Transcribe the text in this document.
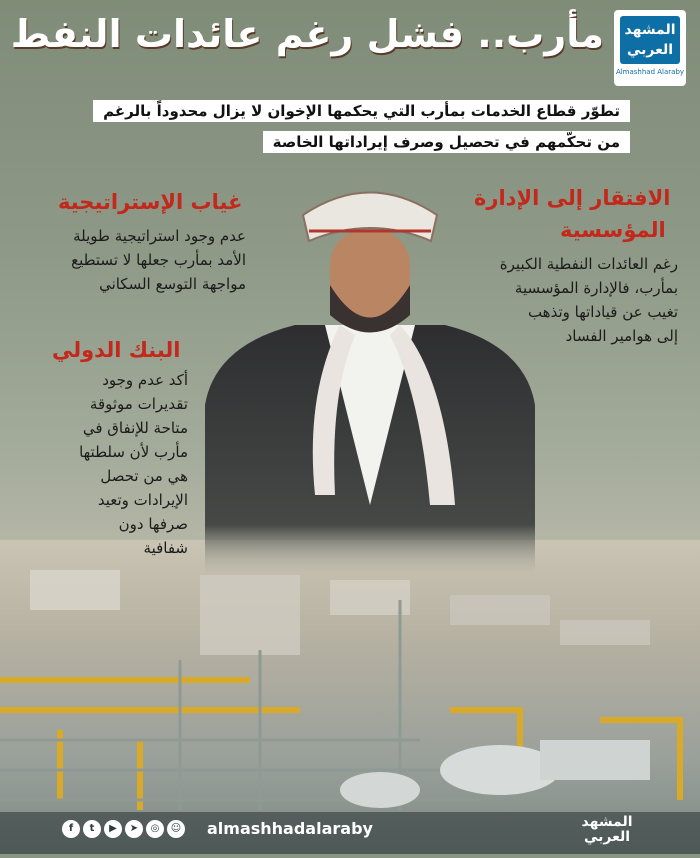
المشهد العربي
Almashhad Alaraby
مأرب.. فشل رغم عائدات النفط
تطوّر قطاع الخدمات بمأرب التي يحكمها الإخوان لا يزال محدوداً بالرغم
من تحكّمهم في تحصيل وصرف إيراداتها الخاصة
غياب الإستراتيجية
عدم وجود استراتيجية طويلة
الأمد بمأرب جعلها لا تستطيع
مواجهة التوسع السكاني
الافتقار إلى الإدارة
المؤسسية
رغم العائدات النفطية الكبيرة
بمأرب، فالإدارة المؤسسية
تغيب عن قياداتها وتذهب
إلى هوامير الفساد
البنك الدولي
أكد عدم وجود
تقديرات موثوقة
متاحة للإنفاق في
مأرب لأن سلطتها
هي من تحصل
الإيرادات وتعيد
صرفها دون
شفافية
f	t	▶	➤	◎	☺ almashhadalaraby	المشهد العربي
